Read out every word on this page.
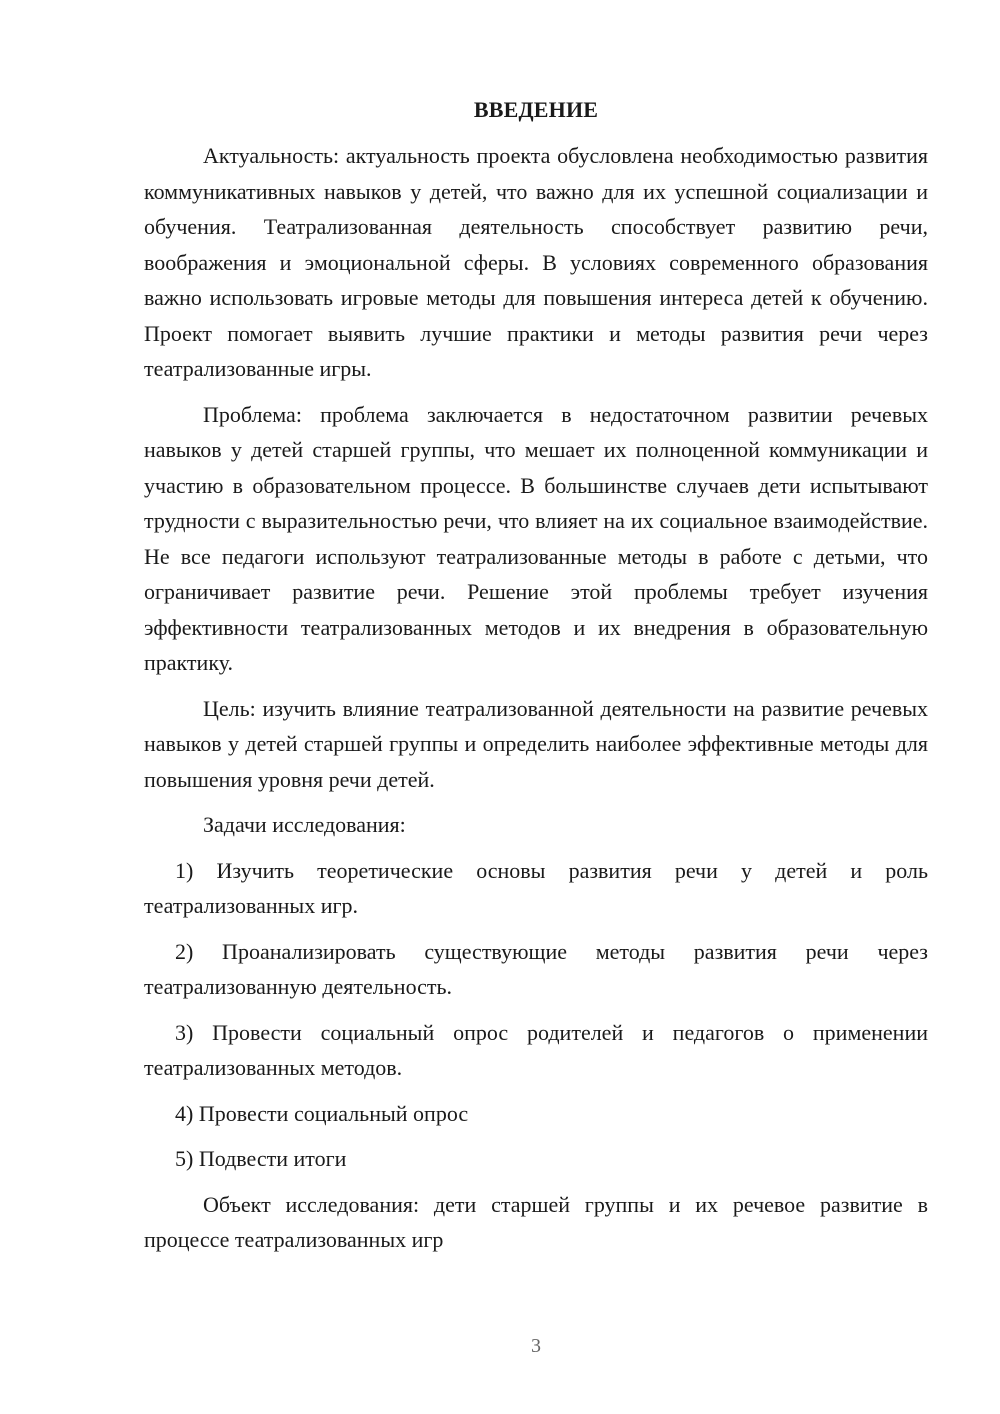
ВВЕДЕНИЕ

Актуальность: актуальность проекта обусловлена необходимостью развития коммуникативных навыков у детей, что важно для их успешной социализации и обучения. Театрализованная деятельность способствует развитию речи, воображения и эмоциональной сферы. В условиях современного образования важно использовать игровые методы для повышения интереса детей к обучению. Проект помогает выявить лучшие практики и методы развития речи через театрализованные игры.

Проблема: проблема заключается в недостаточном развитии речевых навыков у детей старшей группы, что мешает их полноценной коммуникации и участию в образовательном процессе. В большинстве случаев дети испытывают трудности с выразительностью речи, что влияет на их социальное взаимодействие. Не все педагоги используют театрализованные методы в работе с детьми, что ограничивает развитие речи. Решение этой проблемы требует изучения эффективности театрализованных методов и их внедрения в образовательную практику.

Цель: изучить влияние театрализованной деятельности на развитие речевых навыков у детей старшей группы и определить наиболее эффективные методы для повышения уровня речи детей.

Задачи исследования:

1) Изучить теоретические основы развития речи у детей и роль театрализованных игр.

2) Проанализировать существующие методы развития речи через театрализованную деятельность.

3) Провести социальный опрос родителей и педагогов о применении театрализованных методов.

4) Провести социальный опрос

5) Подвести итоги

Объект исследования: дети старшей группы и их речевое развитие в процессе театрализованных игр

3
